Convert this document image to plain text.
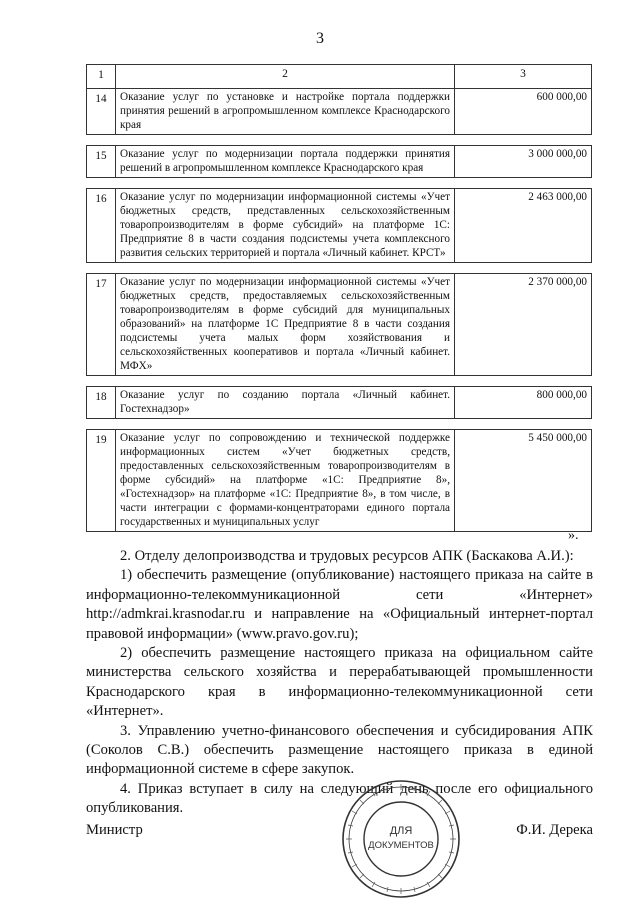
3
1	2	3
14	Оказание услуг по установке и настройке портала поддержки принятия решений в агропромышленном комплексе Краснодарского края	600 000,00

15	Оказание услуг по модернизации портала поддержки принятия решений в агропромышленном комплексе Краснодарского края	3 000 000,00

16	Оказание услуг по модернизации информационной системы «Учет бюджетных средств, представленных сельскохозяйственным товаропроизводителям в форме субсидий» на платформе 1С: Предприятие 8 в части создания подсистемы учета комплексного развития сельских территорией и портала «Личный кабинет. КРСТ»	2 463 000,00

17	Оказание услуг по модернизации информационной системы «Учет бюджетных средств, предоставляемых сельскохозяйственным товаропроизводителям в форме субсидий для муниципальных образований» на платформе 1С Предприятие 8 в части создания подсистемы учета малых форм хозяйствования и сельскохозяйственных кооперативов и портала «Личный кабинет. МФХ»	2 370 000,00

18	Оказание услуг по созданию портала «Личный кабинет. Гостехнадзор»	800 000,00

19	Оказание услуг по сопровождению и технической поддержке информационных систем «Учет бюджетных средств, предоставленных сельскохозяйственным товаропроизводителям в форме субсидий» на платформе «1С: Предприятие 8», «Гостехнадзор» на платформе «1С: Предприятие 8», в том числе, в части интеграции с формами-концентраторами единого портала государственных и муниципальных услуг	5 450 000,00
».

2. Отделу делопроизводства и трудовых ресурсов АПК (Баскакова А.И.):

1) обеспечить размещение (опубликование) настоящего приказа на сайте в информационно-телекоммуникационной сети «Интернет» http://admkrai.krasnodar.ru и направление на «Официальный интернет-портал правовой информации» (www.pravo.gov.ru);

2) обеспечить размещение настоящего приказа на официальном сайте министерства сельского хозяйства и перерабатывающей промышленности Краснодарского края в информационно-телекоммуникационной сети «Интернет».

3. Управлению учетно-финансового обеспечения и субсидирования АПК (Соколов С.В.) обеспечить размещение настоящего приказа в единой информационной системе в сфере закупок.

4. Приказ вступает в силу на следующий день после его официального опубликования.

Министр	Ф.И. Дерека
ДЛЯ
ДОКУМЕНТОВ
